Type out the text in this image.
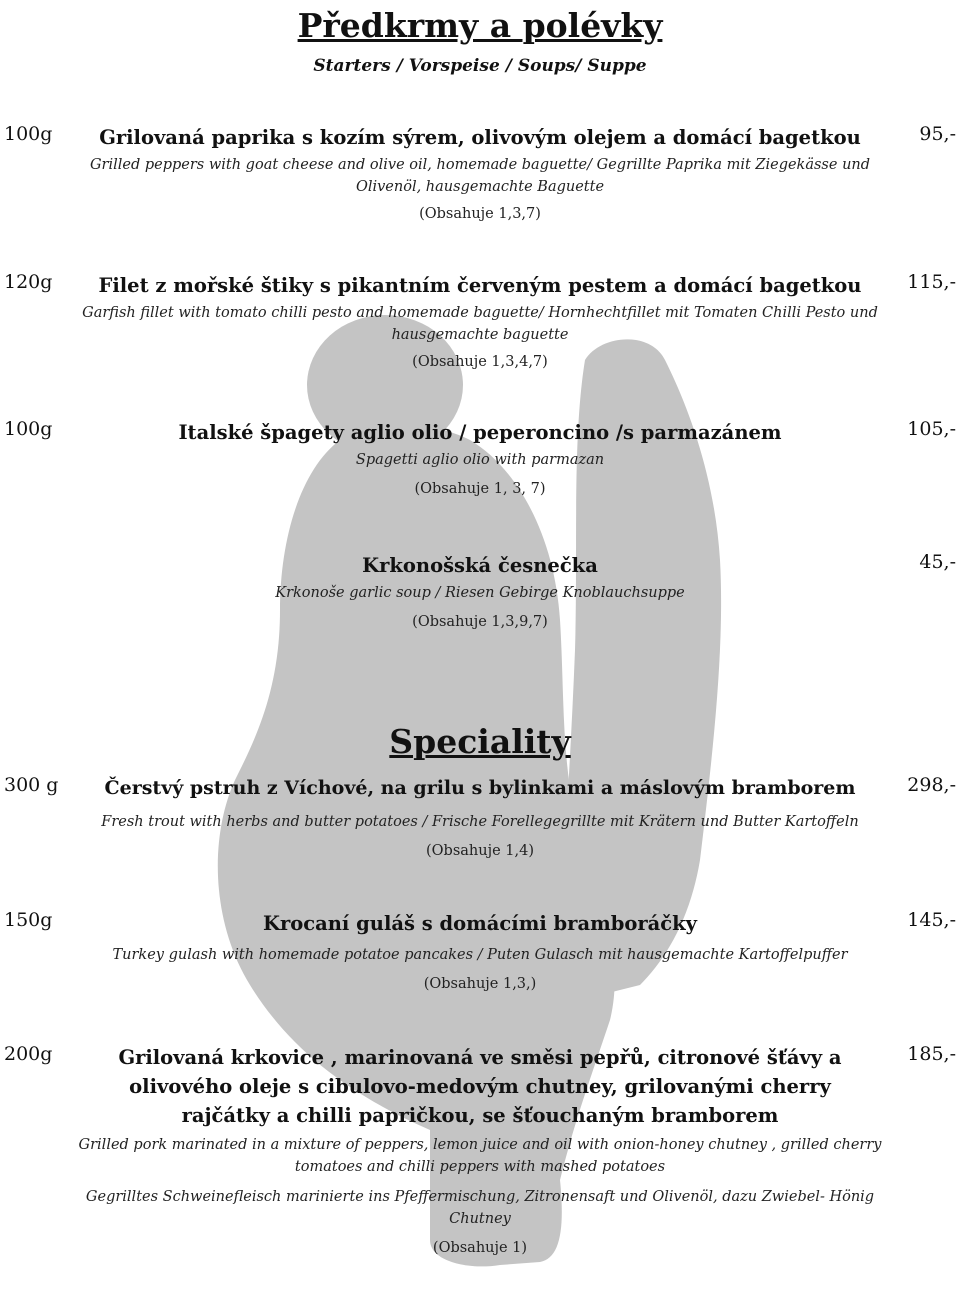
Předkrmy a polévky
Starters / Vorspeise / Soups/ Suppe
100g	95,-
Grilovaná paprika s kozím sýrem, olivovým olejem a domácí bagetkou
Grilled peppers with goat cheese and olive oil, homemade baguette/ Gegrillte Paprika mit Ziegekässe und Olivenöl, hausgemachte Baguette
(Obsahuje 1,3,7)
120g	115,-
Filet z mořské štiky s pikantním červeným pestem a domácí bagetkou
Garfish fillet with tomato chilli pesto and homemade baguette/ Hornhechtfillet mit Tomaten Chilli Pesto und hausgemachte baguette
(Obsahuje 1,3,4,7)
100g	105,-
Italské špagety aglio olio / peperoncino /s parmazánem
Spagetti aglio olio with parmazan
(Obsahuje 1, 3, 7)
45,-
Krkonošská česnečka
Krkonoše garlic soup / Riesen Gebirge Knoblauchsuppe
(Obsahuje 1,3,9,7)
Speciality
300 g	298,-
Čerstvý pstruh z Víchové, na grilu s bylinkami a máslovým bramborem
Fresh trout with herbs and butter potatoes / Frische Forellegegrillte mit Krätern und Butter Kartoffeln
(Obsahuje 1,4)
150g	145,-
Krocaní guláš s domácími bramboráčky
Turkey gulash with homemade potatoe pancakes / Puten Gulasch mit hausgemachte Kartoffelpuffer
(Obsahuje 1,3,)
200g	185,-
Grilovaná krkovice , marinovaná ve směsi pepřů, citronové šťávy a olivového oleje s cibulovo-medovým chutney, grilovanými cherry rajčátky a chilli papričkou, se šťouchaným bramborem
Grilled pork marinated in a mixture of peppers, lemon juice and oil with onion-honey chutney , grilled cherry tomatoes and chilli peppers with mashed potatoes
Gegrilltes Schweinefleisch marinierte ins Pfeffermischung, Zitronensaft und Olivenöl, dazu Zwiebel- Hönig Chutney
(Obsahuje 1)
